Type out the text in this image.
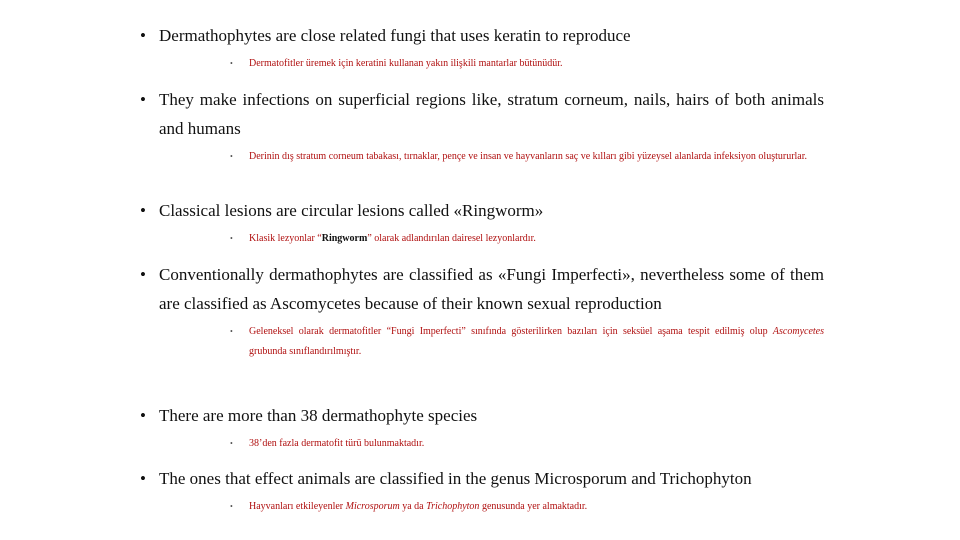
• Dermathophytes are close related fungi that uses keratin to reproduce
• Dermatofitler üremek için keratini kullanan yakın ilişkili mantarlar bütünüdür.
• They make infections on superficial regions like, stratum corneum, nails, hairs of both animals and humans
• Derinin dış stratum corneum tabakası, tırnaklar, pençe ve insan ve hayvanların saç ve kılları gibi yüzeysel alanlarda infeksiyon oluştururlar.
• Classical lesions are circular lesions called «Ringworm»
• Klasik lezyonlar “Ringworm” olarak adlandırılan dairesel lezyonlardır.
• Conventionally dermathophytes are classified as «Fungi Imperfecti», nevertheless some of them are classified as Ascomycetes because of their known sexual reproduction
• Geleneksel olarak dermatofitler “Fungi Imperfecti” sınıfında gösterilirken bazıları için seksüel aşama tespit edilmiş olup Ascomycetes grubunda sınıflandırılmıştır.
• There are more than 38 dermathophyte species
• 38’den fazla dermatofit türü bulunmaktadır.
• The ones that effect animals are classified in the genus Microsporum and Trichophyton
• Hayvanları etkileyenler Microsporum ya da Trichophyton genusunda yer almaktadır.
